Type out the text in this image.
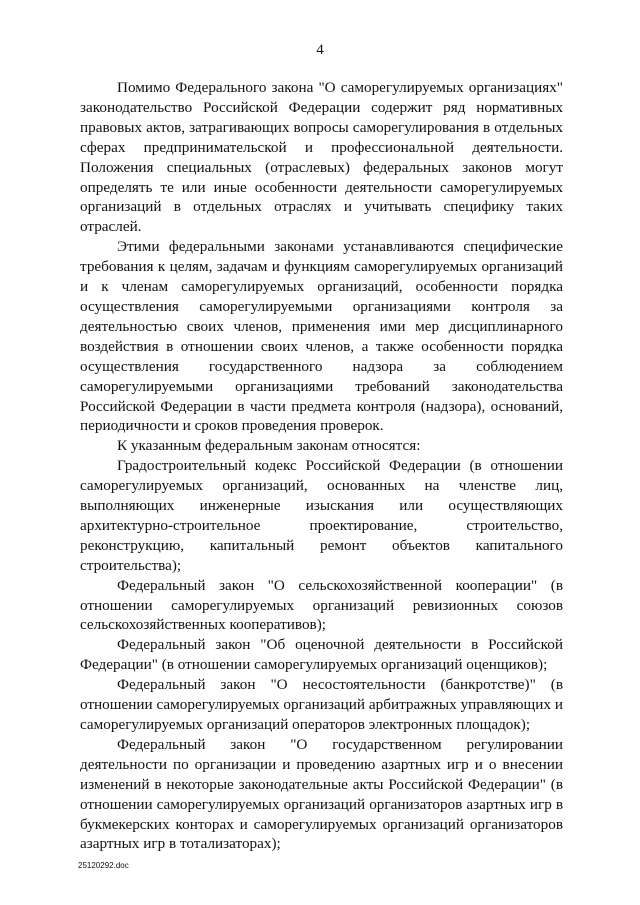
4

Помимо Федерального закона "О саморегулируемых организациях" законодательство Российской Федерации содержит ряд нормативных правовых актов, затрагивающих вопросы саморегулирования в отдельных сферах предпринимательской и профессиональной деятельности. Положения специальных (отраслевых) федеральных законов могут определять те или иные особенности деятельности саморегулируемых организаций в отдельных отраслях и учитывать специфику таких отраслей.

Этими федеральными законами устанавливаются специфические требования к целям, задачам и функциям саморегулируемых организаций и к членам саморегулируемых организаций, особенности порядка осуществления саморегулируемыми организациями контроля за деятельностью своих членов, применения ими мер дисциплинарного воздействия в отношении своих членов, а также особенности порядка осуществления государственного надзора за соблюдением саморегулируемыми организациями требований законодательства Российской Федерации в части предмета контроля (надзора), оснований, периодичности и сроков проведения проверок.

К указанным федеральным законам относятся:

Градостроительный кодекс Российской Федерации (в отношении саморегулируемых организаций, основанных на членстве лиц, выполняющих инженерные изыскания или осуществляющих архитектурно-строительное проектирование, строительство, реконструкцию, капитальный ремонт объектов капитального строительства);

Федеральный закон "О сельскохозяйственной кооперации" (в отношении саморегулируемых организаций ревизионных союзов сельскохозяйственных кооперативов);

Федеральный закон "Об оценочной деятельности в Российской Федерации" (в отношении саморегулируемых организаций оценщиков);

Федеральный закон "О несостоятельности (банкротстве)" (в отношении саморегулируемых организаций арбитражных управляющих и саморегулируемых организаций операторов электронных площадок);

Федеральный закон "О государственном регулировании деятельности по организации и проведению азартных игр и о внесении изменений в некоторые законодательные акты Российской Федерации" (в отношении саморегулируемых организаций организаторов азартных игр в букмекерских конторах и саморегулируемых организаций организаторов азартных игр в тотализаторах);

25120292.doc
